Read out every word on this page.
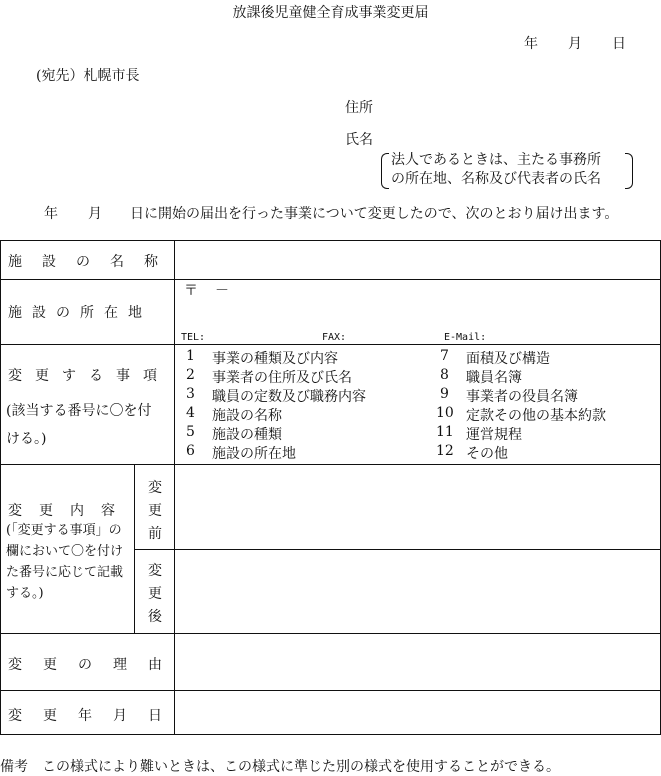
放課後児童健全育成事業変更届
年 月 日
(宛先）札幌市長
住所
氏名
法人であるときは、主たる事務所
の所在地、名称及び代表者の氏名
年 月 日に開始の届出を行った事業について変更したので、次のとおり届け出ます。
施設の名称
施設の所在地
〒 －
TEL:	FAX:	E-Mail:
変更する事項
(該当する番号に〇を付
ける。)
1 事業の種類及び内容
2 事業者の住所及び氏名
3 職員の定数及び職務内容
4 施設の名称
5 施設の種類
6 施設の所在地
7 面積及び構造
8 職員名簿
9 事業者の役員名簿
10 定款その他の基本約款
11 運営規程
12 その他
変更内容
(「変更する事項」の
欄において〇を付け
た番号に応じて記載
する。)
変
更
前
変
更
後
変更の理由
変更年月日
備考　この様式により難いときは、この様式に準じた別の様式を使用することができる。
